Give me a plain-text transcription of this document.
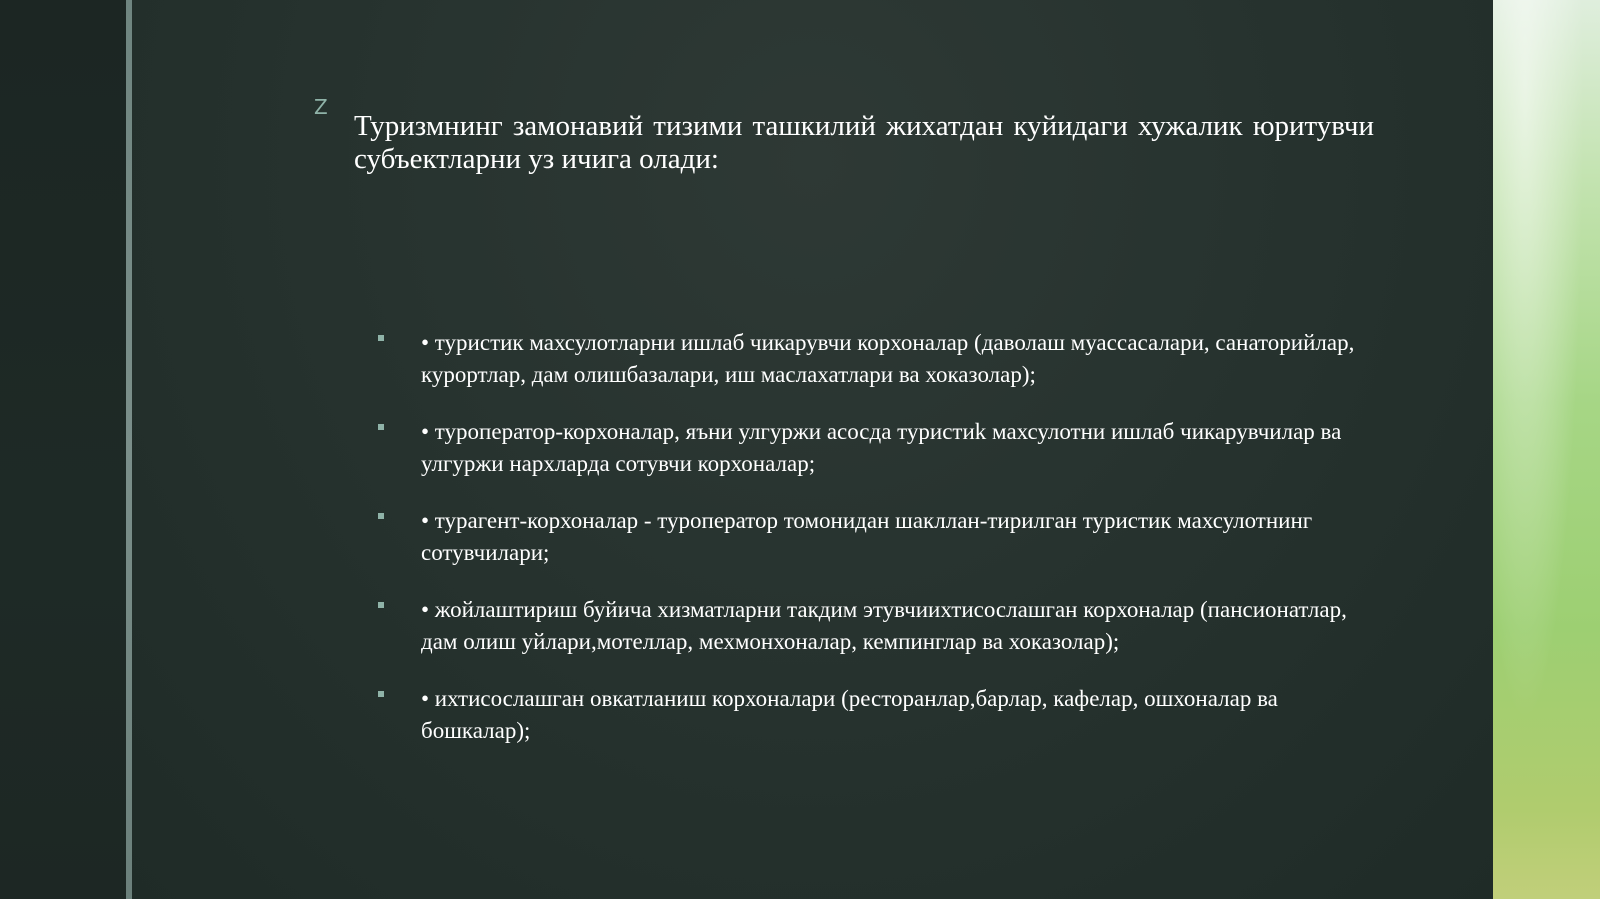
Z
Туризмнинг замонавий тизими ташкилий жихатдан куйидаги хужалик юритувчи субъектларни уз ичига олади:
• туристик махсулотларни ишлаб чикарувчи корхоналар (даволаш муассасалари, санаторийлар, курортлар, дам олишбазалари, иш маслахатлари ва хоказолар);
• туроператор-корхоналар, яъни улгуржи асосда туристиk махсулотни ишлаб чикарувчилар ва улгуржи нархларда сотувчи корхоналар;
• турагент-корхоналар - туроператор томонидан шакллан-тирилган туристик махсулотнинг сотувчилари;
• жойлаштириш буйича хизматларни такдим этувчиихтисослашган корхоналар (пансионатлар, дам олиш уйлари,мотеллар, мехмонхоналар, кемпинглар ва хоказолар);
• ихтисослашган овкатланиш корхоналари (ресторанлар,барлар, кафелар, ошхоналар ва бошкалар);
